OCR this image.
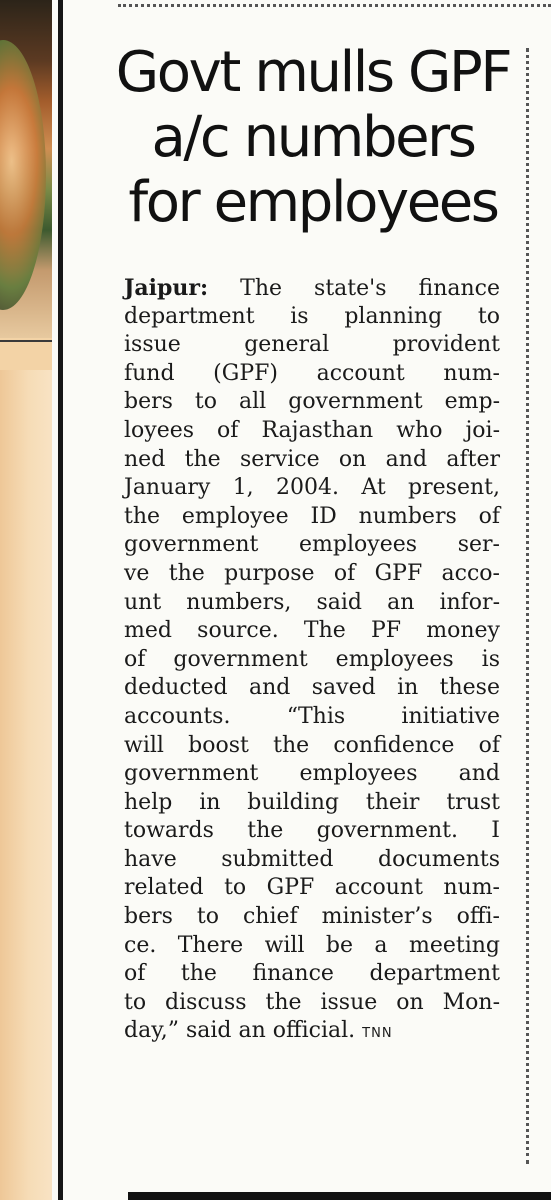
Govt mulls GPF
a/c numbers
for employees
Jaipur: The state's finance
department is planning to
issue general provident
fund (GPF) account num-
bers to all government emp-
loyees of Rajasthan who joi-
ned the service on and after
January 1, 2004. At present,
the employee ID numbers of
government employees ser-
ve the purpose of GPF acco-
unt numbers, said an infor-
med source. The PF money
of government employees is
deducted and saved in these
accounts. “This initiative
will boost the confidence of
government employees and
help in building their trust
towards the government. I
have submitted documents
related to GPF account num-
bers to chief minister’s offi-
ce. There will be a meeting
of the finance department
to discuss the issue on Mon-
day,” said an official. TNN
